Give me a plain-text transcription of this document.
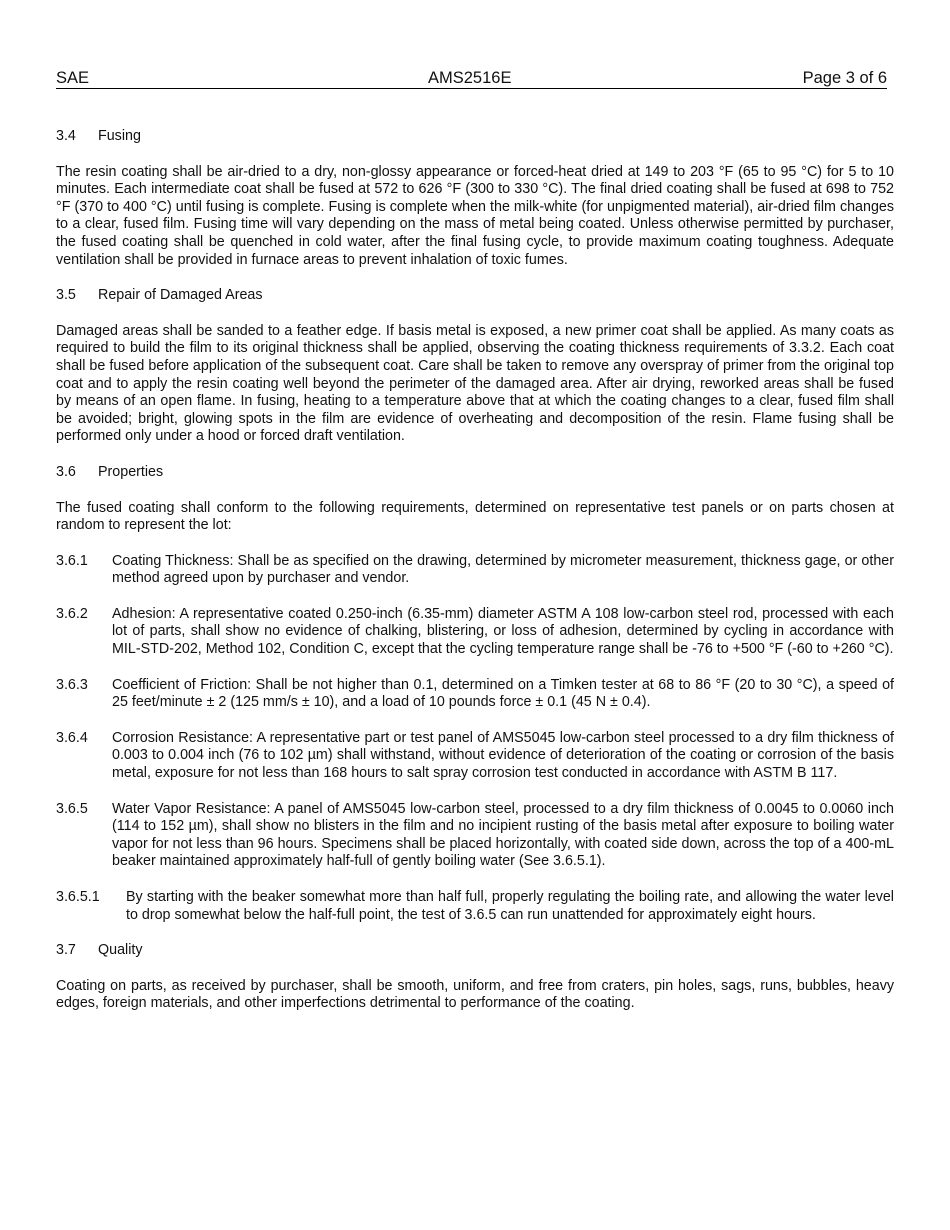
SAE	AMS2516E	Page 3 of 6
3.4 Fusing

The resin coating shall be air-dried to a dry, non-glossy appearance or forced-heat dried at 149 to 203 °F (65 to 95 °C) for 5 to 10 minutes. Each intermediate coat shall be fused at 572 to 626 °F (300 to 330 °C). The final dried coating shall be fused at 698 to 752 °F (370 to 400 °C) until fusing is complete. Fusing is complete when the milk-white (for unpigmented material), air-dried film changes to a clear, fused film. Fusing time will vary depending on the mass of metal being coated. Unless otherwise permitted by purchaser, the fused coating shall be quenched in cold water, after the final fusing cycle, to provide maximum coating toughness. Adequate ventilation shall be provided in furnace areas to prevent inhalation of toxic fumes.

3.5 Repair of Damaged Areas

Damaged areas shall be sanded to a feather edge. If basis metal is exposed, a new primer coat shall be applied. As many coats as required to build the film to its original thickness shall be applied, observing the coating thickness requirements of 3.3.2. Each coat shall be fused before application of the subsequent coat. Care shall be taken to remove any overspray of primer from the original top coat and to apply the resin coating well beyond the perimeter of the damaged area. After air drying, reworked areas shall be fused by means of an open flame. In fusing, heating to a temperature above that at which the coating changes to a clear, fused film shall be avoided; bright, glowing spots in the film are evidence of overheating and decomposition of the resin. Flame fusing shall be performed only under a hood or forced draft ventilation.

3.6 Properties

The fused coating shall conform to the following requirements, determined on representative test panels or on parts chosen at random to represent the lot:

3.6.1 Coating Thickness: Shall be as specified on the drawing, determined by micrometer measurement, thickness gage, or other method agreed upon by purchaser and vendor.
3.6.2 Adhesion: A representative coated 0.250-inch (6.35-mm) diameter ASTM A 108 low-carbon steel rod, processed with each lot of parts, shall show no evidence of chalking, blistering, or loss of adhesion, determined by cycling in accordance with MIL-STD-202, Method 102, Condition C, except that the cycling temperature range shall be -76 to +500 °F (-60 to +260 °C).
3.6.3 Coefficient of Friction: Shall be not higher than 0.1, determined on a Timken tester at 68 to 86 °F (20 to 30 °C), a speed of 25 feet/minute ± 2 (125 mm/s ± 10), and a load of 10 pounds force ± 0.1 (45 N ± 0.4).
3.6.4 Corrosion Resistance: A representative part or test panel of AMS5045 low-carbon steel processed to a dry film thickness of 0.003 to 0.004 inch (76 to 102 µm) shall withstand, without evidence of deterioration of the coating or corrosion of the basis metal, exposure for not less than 168 hours to salt spray corrosion test conducted in accordance with ASTM B 117.
3.6.5 Water Vapor Resistance: A panel of AMS5045 low-carbon steel, processed to a dry film thickness of 0.0045 to 0.0060 inch (114 to 152 µm), shall show no blisters in the film and no incipient rusting of the basis metal after exposure to boiling water vapor for not less than 96 hours. Specimens shall be placed horizontally, with coated side down, across the top of a 400-mL beaker maintained approximately half-full of gently boiling water (See 3.6.5.1).
3.6.5.1 By starting with the beaker somewhat more than half full, properly regulating the boiling rate, and allowing the water level to drop somewhat below the half-full point, the test of 3.6.5 can run unattended for approximately eight hours.
3.7 Quality

Coating on parts, as received by purchaser, shall be smooth, uniform, and free from craters, pin holes, sags, runs, bubbles, heavy edges, foreign materials, and other imperfections detrimental to performance of the coating.
